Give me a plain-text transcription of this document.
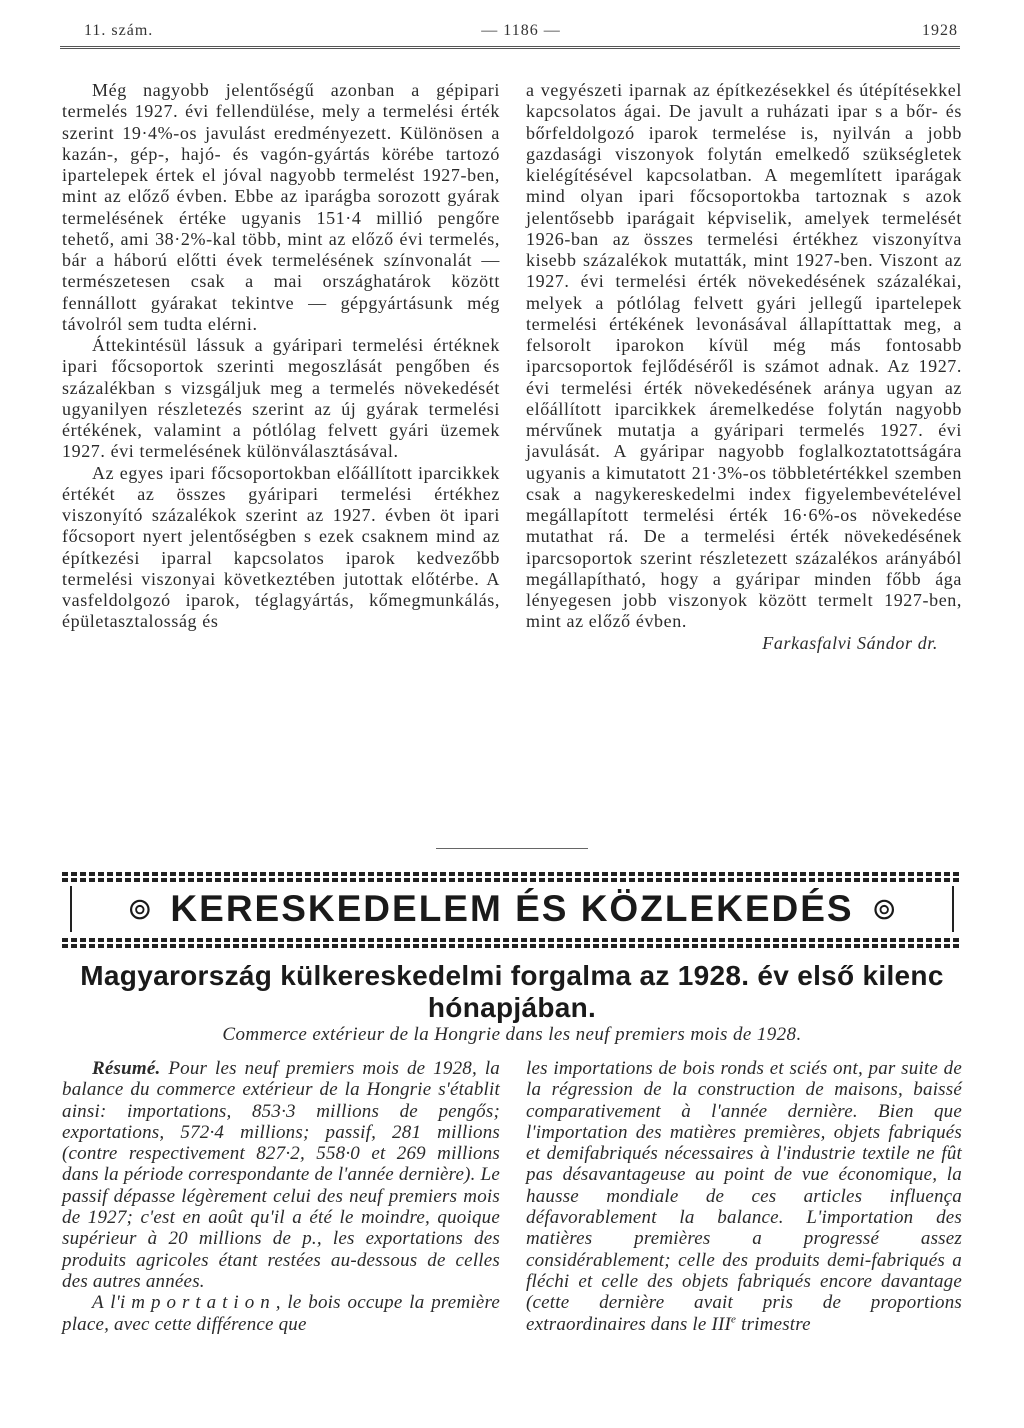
11. szám.	— 1186 —	1928

Még nagyobb jelentőségű azonban a gépipari termelés 1927. évi fellendülése, mely a termelési érték szerint 19·4%-os javulást eredményezett. Különösen a kazán-, gép-, hajó- és vagón-gyártás körébe tartozó ipartelepek értek el jóval nagyobb termelést 1927-ben, mint az előző évben. Ebbe az iparágba sorozott gyárak termelésének értéke ugyanis 151·4 millió pengőre tehető, ami 38·2%-kal több, mint az előző évi termelés, bár a háború előtti évek termelésének színvonalát — természetesen csak a mai országhatárok között fennállott gyárakat tekintve — gépgyártásunk még távolról sem tudta elérni.

Áttekintésül lássuk a gyáripari termelési értéknek ipari főcsoportok szerinti megoszlását pengőben és százalékban s vizsgáljuk meg a termelés növekedését ugyanilyen részletezés szerint az új gyárak termelési értékének, valamint a pótlólag felvett gyári üzemek 1927. évi termelésének különválasztásával.

Az egyes ipari főcsoportokban előállított iparcikkek értékét az összes gyáripari termelési értékhez viszonyító százalékok szerint az 1927. évben öt ipari főcsoport nyert jelentőségben s ezek csaknem mind az építkezési iparral kapcsolatos iparok kedvezőbb termelési viszonyai következtében jutottak előtérbe. A vasfeldolgozó iparok, téglagyártás, kőmegmunkálás, épületasztalosság és

a vegyészeti iparnak az építkezésekkel és útépítésekkel kapcsolatos ágai. De javult a ruházati ipar s a bőr- és bőrfeldolgozó iparok termelése is, nyilván a jobb gazdasági viszonyok folytán emelkedő szükségletek kielégítésével kapcsolatban. A megemlített iparágak mind olyan ipari főcsoportokba tartoznak s azok jelentősebb iparágait képviselik, amelyek termelését 1926-ban az összes termelési értékhez viszonyítva kisebb százalékok mutatták, mint 1927-ben. Viszont az 1927. évi termelési érték növekedésének százalékai, melyek a pótlólag felvett gyári jellegű ipartelepek termelési értékének levonásával állapíttattak meg, a felsorolt iparokon kívül még más fontosabb iparcsoportok fejlődéséről is számot adnak. Az 1927. évi termelési érték növekedésének aránya ugyan az előállított iparcikkek áremelkedése folytán nagyobb mérvűnek mutatja a gyáripari termelés 1927. évi javulását. A gyáripar nagyobb foglalkoztatottságára ugyanis a kimutatott 21·3%-os többletértékkel szemben csak a nagykereskedelmi index figyelembevételével megállapított termelési érték 16·6%-os növekedése mutathat rá. De a termelési érték növekedésének iparcsoportok szerint részletezett százalékos arányából megállapítható, hogy a gyáripar minden főbb ága lényegesen jobb viszonyok között termelt 1927-ben, mint az előző évben.

Farkasfalvi Sándor dr.

⊚ KERESKEDELEM ÉS KÖZLEKEDÉS ⊚
Magyarország külkereskedelmi forgalma az 1928. év első kilenc hónapjában.
Commerce extérieur de la Hongrie dans les neuf premiers mois de 1928.

Résumé. Pour les neuf premiers mois de 1928, la balance du commerce extérieur de la Hongrie s'établit ainsi: importations, 853·3 millions de pengős; exportations, 572·4 millions; passif, 281 millions (contre respectivement 827·2, 558·0 et 269 millions dans la période correspondante de l'année dernière). Le passif dépasse légèrement celui des neuf premiers mois de 1927; c'est en août qu'il a été le moindre, quoique supérieur à 20 millions de p., les exportations des produits agricoles étant restées au-dessous de celles des autres années.

A l'importation, le bois occupe la première place, avec cette différence que

les importations de bois ronds et sciés ont, par suite de la régression de la construction de maisons, baissé comparativement à l'année dernière. Bien que l'importation des matières premières, objets fabriqués et demifabriqués nécessaires à l'industrie textile ne fût pas désavantageuse au point de vue économique, la hausse mondiale de ces articles influença défavorablement la balance. L'importation des matières premières a progressé assez considérablement; celle des produits demi-fabriqués a fléchi et celle des objets fabriqués encore davantage (cette dernière avait pris de proportions extraordinaires dans le IIIe trimestre
